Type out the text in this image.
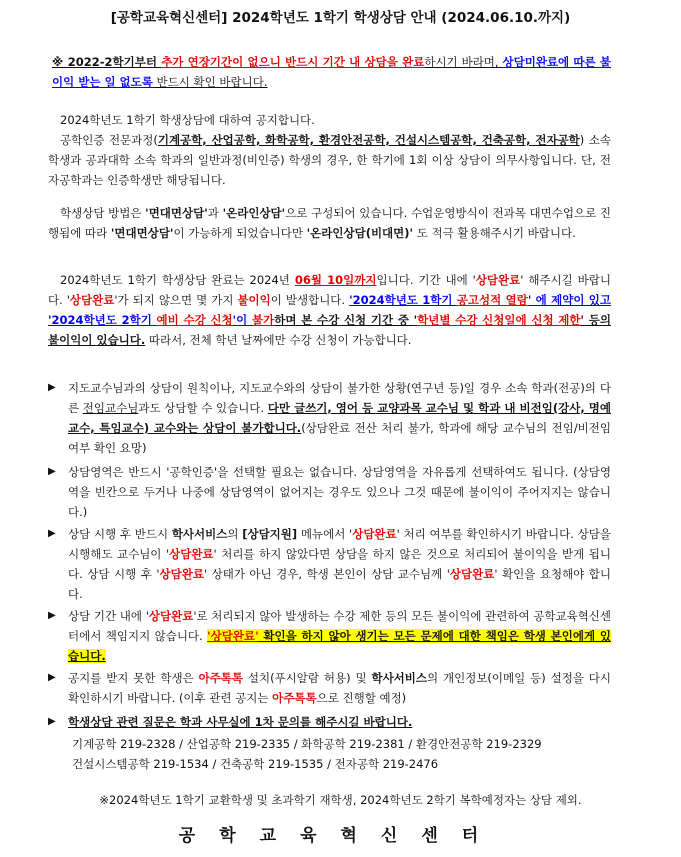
[공학교육혁신센터] 2024학년도 1학기 학생상담 안내 (2024.06.10.까지)
※ 2022-2학기부터 추가 연장기간이 없으니 반드시 기간 내 상담을 완료하시기 바라며, 상담미완료에 따른 불이익 받는 일 없도록 반드시 확인 바랍니다.
2024학년도 1학기 학생상담에 대하여 공지합니다.
공학인증 전문과정(기계공학, 산업공학, 화학공학, 환경안전공학, 건설시스템공학, 건축공학, 전자공학) 소속 학생과 공과대학 소속 학과의 일반과정(비인증) 학생의 경우, 한 학기에 1회 이상 상담이 의무사항입니다. 단, 전자공학과는 인증학생만 해당됩니다.
학생상담 방법은 '면대면상담'과 '온라인상담'으로 구성되어 있습니다. 수업운영방식이 전과목 대면수업으로 진행됨에 따라 '면대면상담'이 가능하게 되었습니다만 '온라인상담(비대면)' 도 적극 활용해주시기 바랍니다.
2024학년도 1학기 학생상담 완료는 2024년 06월 10일까지입니다. 기간 내에 '상담완료' 해주시길 바랍니다. '상담완료'가 되지 않으면 몇 가지 불이익이 발생합니다. '2024학년도 1학기 공고성적 열람' 에 제약이 있고 '2024학년도 2학기 예비 수강 신청'이 불가하며 본 수강 신청 기간 중 '학년별 수강 신청일에 신청 제한' 등의 불이익이 있습니다. 따라서, 전체 학년 날짜에만 수강 신청이 가능합니다.
▶ 지도교수님과의 상담이 원칙이나, 지도교수와의 상담이 불가한 상황(연구년 등)일 경우 소속 학과(전공)의 다른 전임교수님과도 상담할 수 있습니다. 다만 글쓰기, 영어 등 교양과목 교수님 및 학과 내 비전임(강사, 명예교수, 특임교수) 교수와는 상담이 불가합니다.(상담완료 전산 처리 불가, 학과에 해당 교수님의 전임/비전임 여부 확인 요망)
▶ 상담영역은 반드시 '공학인증'을 선택할 필요는 없습니다. 상담영역을 자유롭게 선택하여도 됩니다. (상담영역을 빈칸으로 두거나 나중에 상담영역이 없어지는 경우도 있으나 그것 때문에 불이익이 주어지지는 않습니다.)
▶ 상담 시행 후 반드시 학사서비스의 [상담지원] 메뉴에서 '상담완료' 처리 여부를 확인하시기 바랍니다. 상담을 시행해도 교수님이 '상담완료' 처리를 하지 않았다면 상담을 하지 않은 것으로 처리되어 불이익을 받게 됩니다. 상담 시행 후 '상담완료' 상태가 아닌 경우, 학생 본인이 상담 교수님께 '상담완료' 확인을 요청해야 합니다.
▶ 상담 기간 내에 '상담완료'로 처리되지 않아 발생하는 수강 제한 등의 모든 불이익에 관련하여 공학교육혁신센터에서 책임지지 않습니다. '상담완료' 확인을 하지 않아 생기는 모든 문제에 대한 책임은 학생 본인에게 있습니다.
▶ 공지를 받지 못한 학생은 아주톡톡 설치(푸시알람 허용) 및 학사서비스의 개인정보(이메일 등) 설정을 다시 확인하시기 바랍니다. (이후 관련 공지는 아주톡톡으로 진행할 예정)
▶ 학생상담 관련 질문은 학과 사무실에 1차 문의를 해주시길 바랍니다.
기계공학 219-2328 / 산업공학 219-2335 / 화학공학 219-2381 / 환경안전공학 219-2329
건설시스템공학 219-1534 / 건축공학 219-1535 / 전자공학 219-2476
※2024학년도 1학기 교환학생 및 초과학기 재학생, 2024학년도 2학기 복학예정자는 상담 제외.
공학교육혁신센터
